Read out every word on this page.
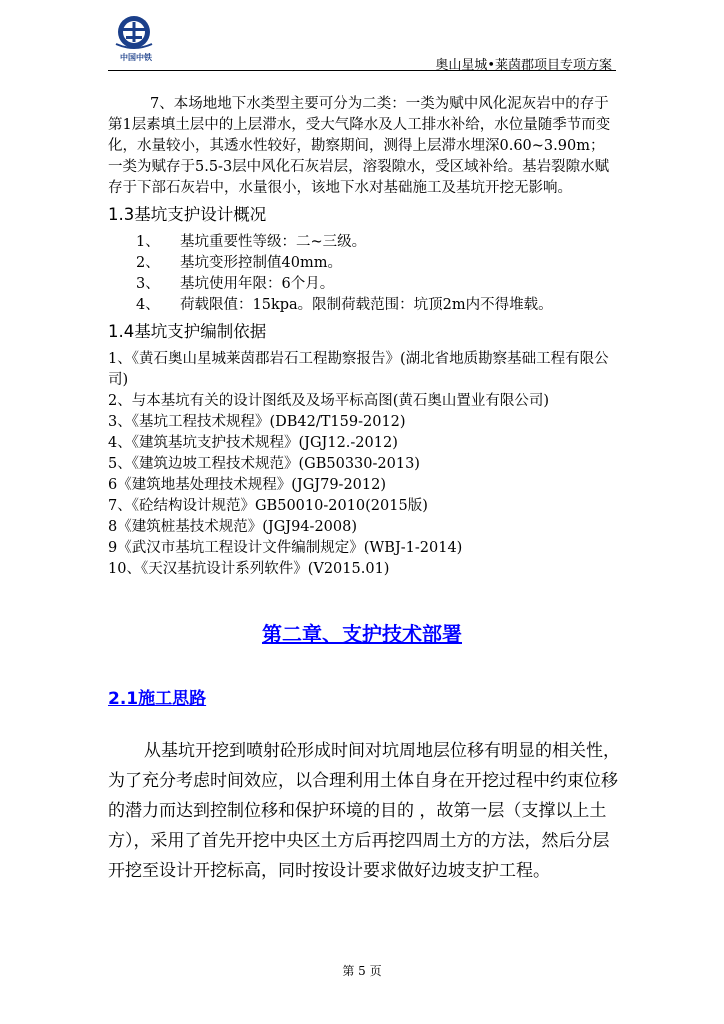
中国中铁
奥山星城•莱茵郡项目专项方案

7、本场地地下水类型主要可分为二类：一类为赋中风化泥灰岩中的存于第1层素填土层中的上层滞水，受大气降水及人工排水补给，水位量随季节而变化，水量较小，其透水性较好，勘察期间，测得上层滞水埋深0.60~3.90m；一类为赋存于5.5-3层中风化石灰岩层，溶裂隙水，受区域补给。基岩裂隙水赋存于下部石灰岩中，水量很小，该地下水对基础施工及基坑开挖无影响。

1.3基坑支护设计概况
1、 基坑重要性等级：二~三级。
2、 基坑变形控制值40mm。
3、 基坑使用年限：6个月。
4、 荷载限值：15kpa。限制荷载范围：坑顶2m内不得堆载。
1.4基坑支护编制依据
1、《黄石奥山星城莱茵郡岩石工程勘察报告》(湖北省地质勘察基础工程有限公司)
2、与本基坑有关的设计图纸及及场平标高图(黄石奥山置业有限公司)
3、《基坑工程技术规程》(DB42/T159-2012)
4、《建筑基坑支护技术规程》(JGJ12.-2012)
5、《建筑边坡工程技术规范》(GB50330-2013)
6《建筑地基处理技术规程》(JGJ79-2012)
7、《砼结构设计规范》GB50010-2010(2015版)
8《建筑桩基技术规范》(JGJ94-2008)
9《武汉市基坑工程设计文件编制规定》(WBJ-1-2014)
10、《天汉基抗设计系列软件》(V2015.01)
第二章、支护技术部署
2.1施工思路

从基坑开挖到喷射砼形成时间对坑周地层位移有明显的相关性，为了充分考虑时间效应，以合理利用土体自身在开挖过程中约束位移的潜力而达到控制位移和保护环境的目的 ，故第一层（支撑以上土方），采用了首先开挖中央区土方后再挖四周土方的方法，然后分层开挖至设计开挖标高，同时按设计要求做好边坡支护工程。

第 5 页
